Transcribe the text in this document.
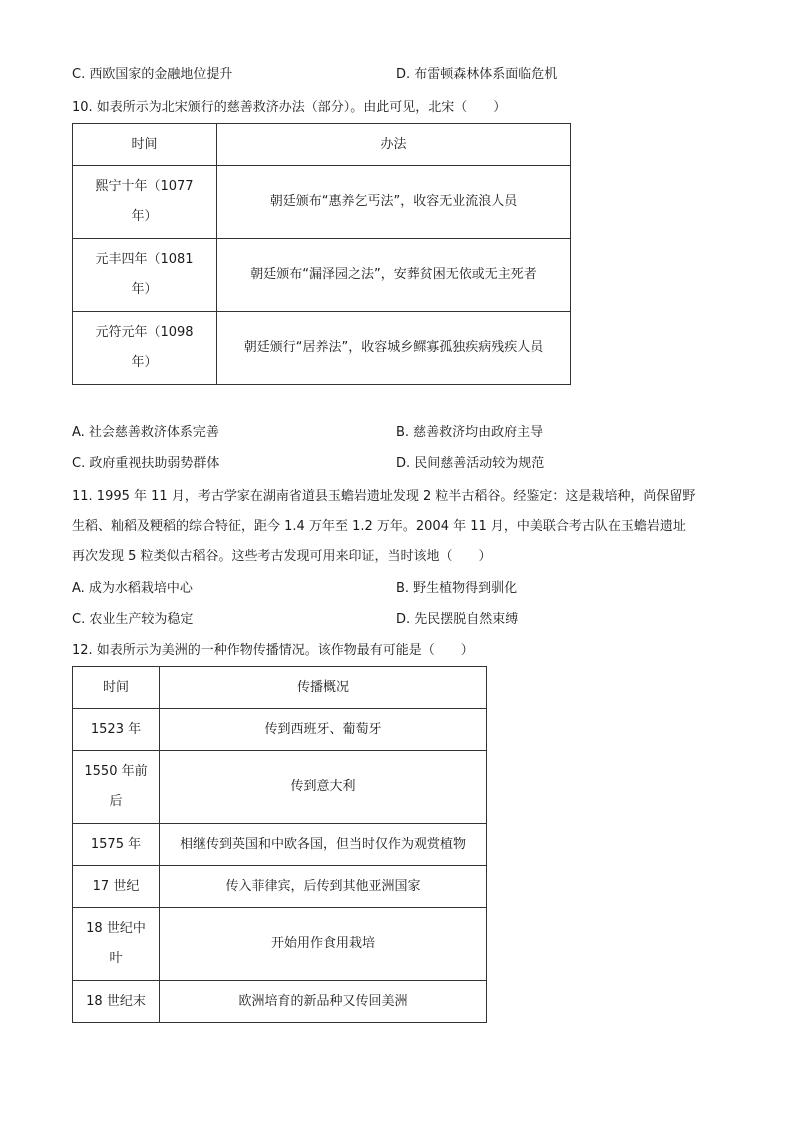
C. 西欧国家的金融地位提升	D. 布雷顿森林体系面临危机
10. 如表所示为北宋颁行的慈善救济办法（部分）。由此可见，北宋（　　）
时间	办法

熙宁十年（1077
年）	朝廷颁布“惠养乞丐法”，收容无业流浪人员

元丰四年（1081
年）	朝廷颁布“漏泽园之法”，安葬贫困无依或无主死者

元符元年（1098
年）	朝廷颁行“居养法”，收容城乡鳏寡孤独疾病残疾人员
A. 社会慈善救济体系完善	B. 慈善救济均由政府主导
C. 政府重视扶助弱势群体	D. 民间慈善活动较为规范
11. 1995 年 11 月，考古学家在湖南省道县玉蟾岩遗址发现 2 粒半古稻谷。经鉴定：这是栽培种，尚保留野
生稻、籼稻及粳稻的综合特征，距今 1.4 万年至 1.2 万年。2004 年 11 月，中美联合考古队在玉蟾岩遗址
再次发现 5 粒类似古稻谷。这些考古发现可用来印证，当时该地（　　）
A. 成为水稻栽培中心	B. 野生植物得到驯化
C. 农业生产较为稳定	D. 先民摆脱自然束缚
12. 如表所示为美洲的一种作物传播情况。该作物最有可能是（　　）
时间	传播概况
1523 年	传到西班牙、葡萄牙

1550 年前
后	传到意大利
1575 年	相继传到英国和中欧各国，但当时仅作为观赏植物
17 世纪	传入菲律宾，后传到其他亚洲国家

18 世纪中
叶	开始用作食用栽培
18 世纪末	欧洲培育的新品种又传回美洲
